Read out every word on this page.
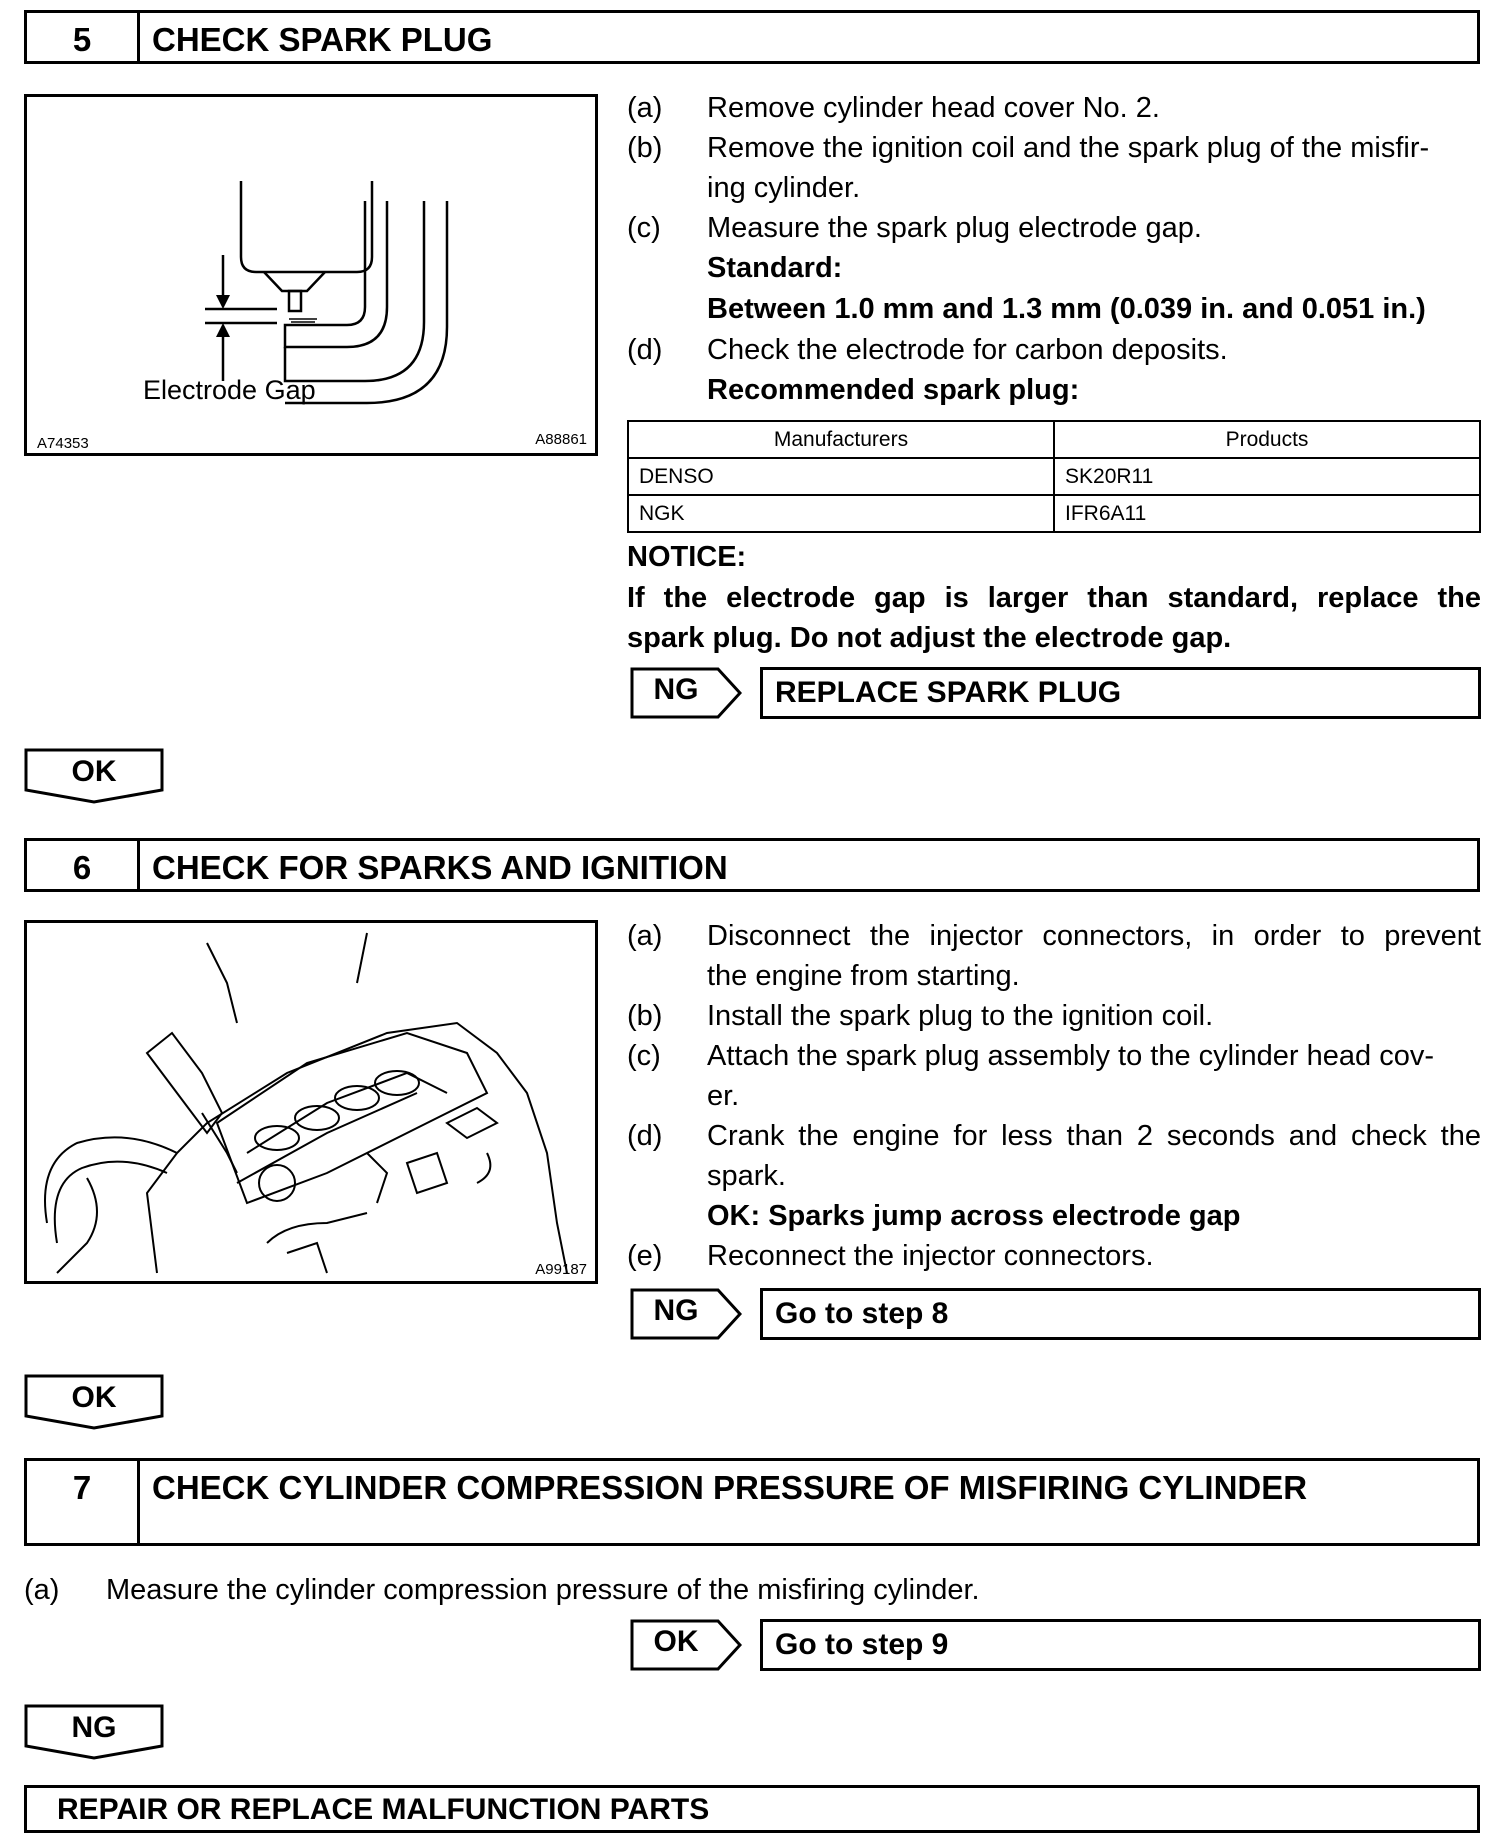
5	CHECK SPARK PLUG
Electrode Gap
A74353	A88861
(a) Remove cylinder head cover No. 2.
(b) Remove the ignition coil and the spark plug of the misfir-
ing cylinder.
(c) Measure the spark plug electrode gap.
Standard:
Between 1.0 mm and 1.3 mm (0.039 in. and 0.051 in.)
(d) Check the electrode for carbon deposits.
Recommended spark plug:
Manufacturers	Products
DENSO	SK20R11
NGK	IFR6A11
NOTICE:
If the electrode gap is larger than standard, replace the
spark plug. Do not adjust the electrode gap.
NG	REPLACE SPARK PLUG
OK
6	CHECK FOR SPARKS AND IGNITION
A99187
(a) Disconnect the injector connectors, in order to prevent
the engine from starting.
(b) Install the spark plug to the ignition coil.
(c) Attach the spark plug assembly to the cylinder head cov-
er.
(d) Crank the engine for less than 2 seconds and check the
spark.
OK: Sparks jump across electrode gap
(e) Reconnect the injector connectors.
NG	Go to step 8
OK
7	CHECK CYLINDER COMPRESSION PRESSURE OF MISFIRING CYLINDER
(a) Measure the cylinder compression pressure of the misfiring cylinder.
OK	Go to step 9
NG
REPAIR OR REPLACE MALFUNCTION PARTS
